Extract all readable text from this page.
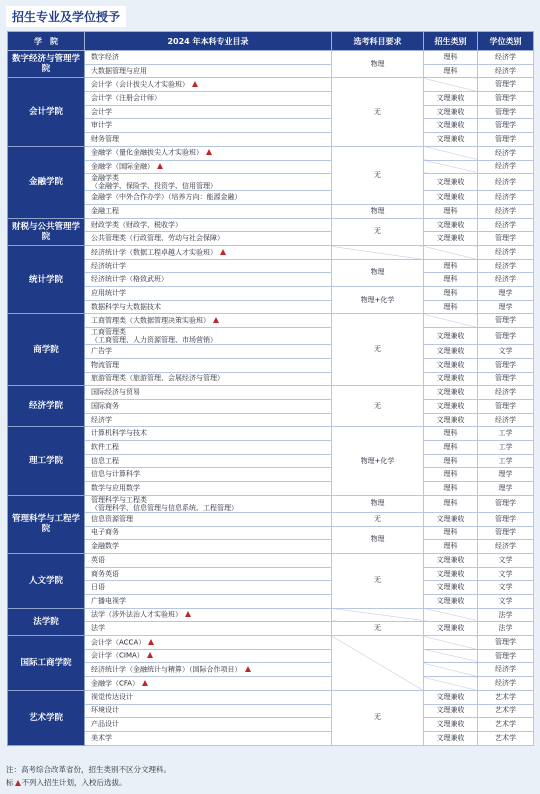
招生专业及学位授予
学　院	2024 年本科专业目录	选考科目要求	招生类别	学位类别
数字经济与管理学院	数字经济	物理	理科	经济学
	大数据管理与应用		理科	经济学
会计学院	会计学（会计拔尖人才实验班）	无		管理学
	会计学（注册会计师）		文理兼收	管理学
	会计学		文理兼收	管理学
	审计学		文理兼收	管理学
	财务管理		文理兼收	管理学
金融学院	金融学（量化金融拔尖人才实验班）	无		经济学
	金融学（国际金融）			经济学
	金融学类
（金融学、保险学、投资学、信用管理）		文理兼收	经济学
	金融学（中外合作办学）（培养方向：能源金融）		文理兼收	经济学
	金融工程	物理	理科	经济学
财税与公共管理学院	财政学类（财政学、税收学）	无	文理兼收	经济学
	公共管理类（行政管理、劳动与社会保障）		文理兼收	管理学
统计学院	经济统计学（数据工程卓越人才实验班）			经济学
	经济统计学	物理	理科	经济学
	经济统计学（格致武班）		理科	经济学
	应用统计学	物理+化学	理科	理学
	数据科学与大数据技术		理科	理学
商学院	工商管理类（大数据管理决策实验班）	无		管理学
	工商管理类
（工商管理、人力资源管理、市场营销）		文理兼收	管理学
	广告学		文理兼收	文学
	物流管理		文理兼收	管理学
	旅游管理类（旅游管理、会展经济与管理）		文理兼收	管理学
经济学院	国际经济与贸易	无	文理兼收	经济学
	国际商务		文理兼收	管理学
	经济学		文理兼收	经济学
理工学院	计算机科学与技术	物理+化学	理科	工学
	软件工程		理科	工学
	信息工程		理科	工学
	信息与计算科学		理科	理学
	数学与应用数学		理科	理学
管理科学与工程学院	管理科学与工程类
（管理科学、信息管理与信息系统、工程管理）	物理	理科	管理学
	信息资源管理	无	文理兼收	管理学
	电子商务	物理	理科	管理学
	金融数学		理科	经济学
人文学院	英语	无	文理兼收	文学
	商务英语		文理兼收	文学
	日语		文理兼收	文学
	广播电视学		文理兼收	文学
法学院	法学（涉外法治人才实验班）			法学
	法学	无	文理兼收	法学
国际工商学院	会计学（ACCA）			管理学
	会计学（CIMA）			管理学
	经济统计学（金融统计与精算）（国际合作项目）			经济学
	金融学（CFA）			经济学
艺术学院	视觉传达设计	无	文理兼收	艺术学
	环境设计		文理兼收	艺术学
	产品设计		文理兼收	艺术学
	美术学		文理兼收	艺术学
注：高考综合改革省份，招生类别不区分文理科。
标 不列入招生计划，入校后选拔。
